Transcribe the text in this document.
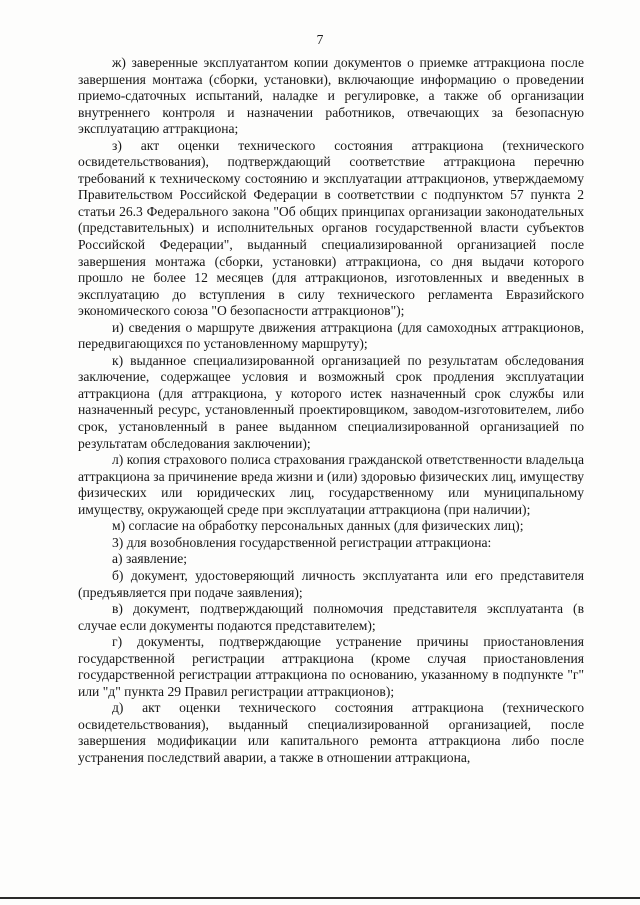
7

ж) заверенные эксплуатантом копии документов о приемке аттракциона после завершения монтажа (сборки, установки), включающие информацию о проведении приемо-сдаточных испытаний, наладке и регулировке, а также об организации внутреннего контроля и назначении работников, отвечающих за безопасную эксплуатацию аттракциона;

з) акт оценки технического состояния аттракциона (технического освидетельствования), подтверждающий соответствие аттракциона перечню требований к техническому состоянию и эксплуатации аттракционов, утверждаемому Правительством Российской Федерации в соответствии с подпунктом 57 пункта 2 статьи 26.3 Федерального закона "Об общих принципах организации законодательных (представительных) и исполнительных органов государственной власти субъектов Российской Федерации", выданный специализированной организацией после завершения монтажа (сборки, установки) аттракциона, со дня выдачи которого прошло не более 12 месяцев (для аттракционов, изготовленных и введенных в эксплуатацию до вступления в силу технического регламента Евразийского экономического союза "О безопасности аттракционов");

и) сведения о маршруте движения аттракциона (для самоходных аттракционов, передвигающихся по установленному маршруту);

к) выданное специализированной организацией по результатам обследования заключение, содержащее условия и возможный срок продления эксплуатации аттракциона (для аттракциона, у которого истек назначенный срок службы или назначенный ресурс, установленный проектировщиком, заводом-изготовителем, либо срок, установленный в ранее выданном специализированной организацией по результатам обследования заключении);

л) копия страхового полиса страхования гражданской ответственности владельца аттракциона за причинение вреда жизни и (или) здоровью физических лиц, имуществу физических или юридических лиц, государственному или муниципальному имуществу, окружающей среде при эксплуатации аттракциона (при наличии);

м) согласие на обработку персональных данных (для физических лиц);

3) для возобновления государственной регистрации аттракциона:

а) заявление;

б) документ, удостоверяющий личность эксплуатанта или его представителя (предъявляется при подаче заявления);

в) документ, подтверждающий полномочия представителя эксплуатанта (в случае если документы подаются представителем);

г) документы, подтверждающие устранение причины приостановления государственной регистрации аттракциона (кроме случая приостановления государственной регистрации аттракциона по основанию, указанному в подпункте "г" или "д" пункта 29 Правил регистрации аттракционов);

д) акт оценки технического состояния аттракциона (технического освидетельствования), выданный специализированной организацией, после завершения модификации или капитального ремонта аттракциона либо после устранения последствий аварии, а также в отношении аттракциона,
